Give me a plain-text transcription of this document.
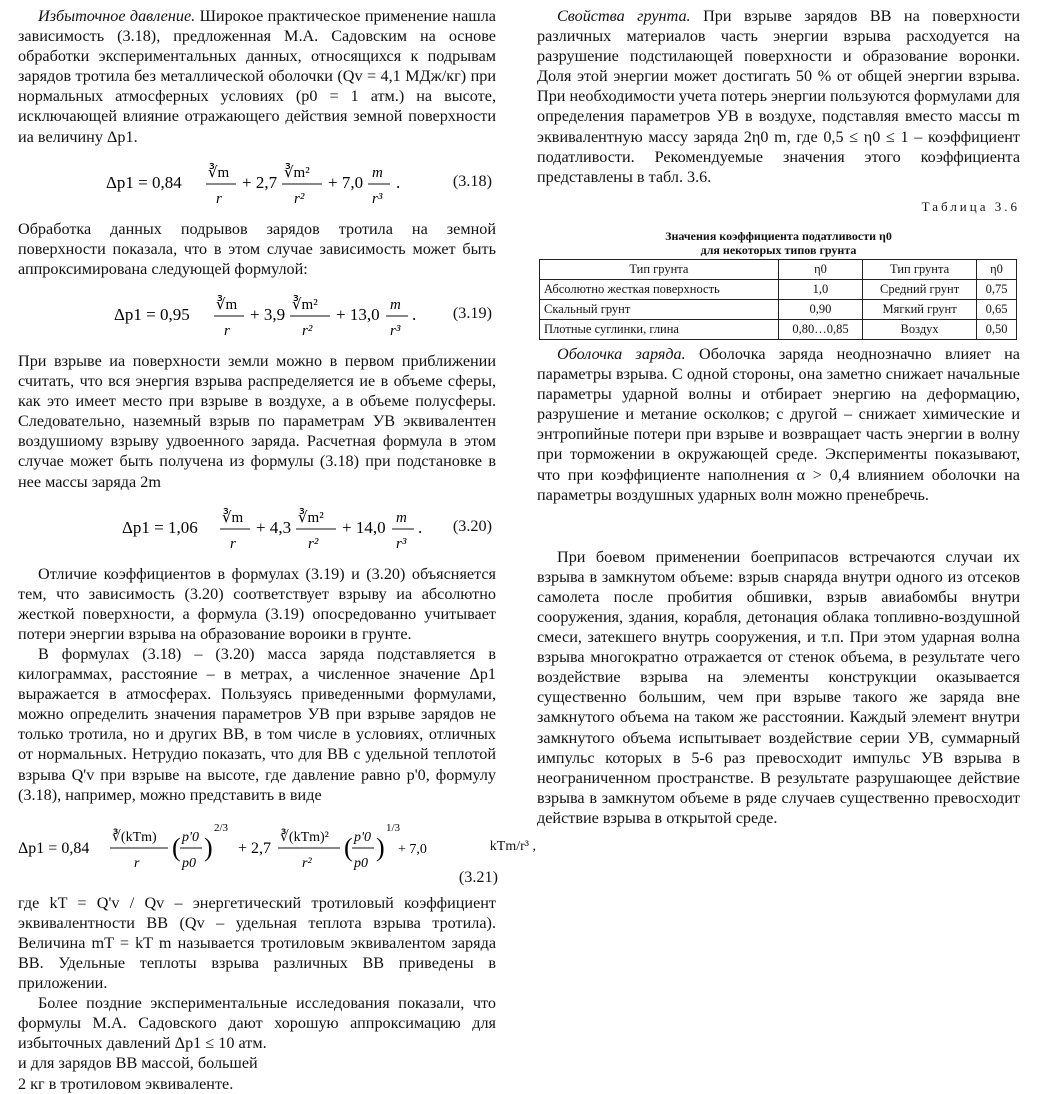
Избыточное давление. Широкое практическое применение нашла зависимость (3.18), предложенная М.А. Садовским на основе обработки экспериментальных данных, относящихся к подрывам зарядов тротила без металлической оболочки (Qv = 4,1 МДж/кг) при нормальных атмосферных условиях (p0 = 1 атм.) на высоте, исключающей влияние отражающего действия земной поверхности иа величину Δp1.

Δp1 = 0,84 ∛m
r
+ 2,7 ∛m²
r²
+ 7,0 m
r³
.	(3.18)

Обработка данных подрывов зарядов тротила на земной поверхности показала, что в этом случае зависимость может быть аппроксимирована следующей формулой:

Δp1 = 0,95 ∛m
r
+ 3,9 ∛m²
r²
+ 13,0 m
r³
. (3.19)

При взрыве иа поверхности земли можно в первом приближении считать, что вся энергия взрыва распределяется ие в объеме сферы, как это имеет место при взрыве в воздухе, а в объеме полусферы. Следовательно, наземный взрыв по параметрам УВ эквивалентен воздушиому взрыву удвоенного заряда. Расчетная формула в этом случае может быть получена из формулы (3.18) при подстановке в нее массы заряда 2m

Δp1 = 1,06 ∛m
r
+ 4,3 ∛m²
r²
+ 14,0 m
r³
. (3.20)

Отличие коэффициентов в формулах (3.19) и (3.20) объясняется тем, что зависимость (3.20) соответствует взрыву иа абсолютно жесткой поверхности, а формула (3.19) опосредованно учитывает потери энергии взрыва на образование вороики в грунте.

В формулах (3.18) – (3.20) масса заряда подставляется в килограммах, расстояние – в метрах, а численное значение Δp1 выражается в атмосферах. Пользуясь приведенными формулами, можно определить значения параметров УВ при взрыве зарядов не только тротила, но и других ВВ, в том числе в условиях, отличных от нормальных. Нетрудио показать, что для ВВ с удельной теплотой взрыва Q'v при взрыве на высоте, где давление равно p'0, формулу (3.18), например, можно представить в виде

Δp1 = 0,84
∛(kTm)
r
( p'0
p0
)
2/3
+ 2,7
∛(kTm)²
r²
( p'0
p0
)
1/3
+ 7,0	kTm/r³ ,
(3.21)

где kT = Q'v / Qv – энергетический тротиловый коэффициент эквивалентности ВВ (Qv – удельная теплота взрыва тротила). Величина mT = kT m называется тротиловым эквивалентом заряда ВВ. Удельные теплоты взрыва различных ВВ приведены в приложении.

Более поздние экспериментальные исследования показали, что формулы М.А. Садовского дают хорошую аппроксимацию для избыточных давлений Δp1 ≤ 10 атм.

и для зарядов ВВ массой, большей

2 кг в тротиловом эквиваленте.

Свойства грунта. При взрыве зарядов ВВ на поверхности различных материалов часть энергии взрыва расходуется на разрушение подстилающей поверхности и образование воронки. Доля этой энергии может достигать 50 % от общей энергии взрыва. При необходимости учета потерь энергии пользуются формулами для определения параметров УВ в воздухе, подставляя вместо массы m эквивалентную массу заряда 2η0 m, где 0,5 ≤ η0 ≤ 1 – коэффициент податливости. Рекомендуемые значения этого коэффициента представлены в табл. 3.6.

Таблица 3.6
Значения коэффициента податливости η0
для некоторых типов грунта
Тип грунта	η0	Тип грунта	η0
Абсолютно жесткая поверхность	1,0	Средний грунт	0,75
Скальный грунт	0,90	Мягкий грунт	0,65
Плотные суглинки, глина	0,80…0,85	Воздух	0,50

Оболочка заряда. Оболочка заряда неоднозначно влияет на параметры взрыва. С одной стороны, она заметно снижает начальные параметры ударной волны и отбирает энергию на деформацию, разрушение и метание осколков; с другой – снижает химические и энтропийные потери при взрыве и возвращает часть энергии в волну при торможении в окружающей среде. Эксперименты показывают, что при коэффициенте наполнения α > 0,4 влиянием оболочки на параметры воздушных ударных волн можно пренебречь.

При боевом применении боеприпасов встречаются случаи их взрыва в замкнутом объеме: взрыв снаряда внутри одного из отсеков самолета после пробития обшивки, взрыв авиабомбы внутри сооружения, здания, корабля, детонация облака топливно-воздушной смеси, затекшего внутрь сооружения, и т.п. При этом ударная волна взрыва многократно отражается от стенок объема, в результате чего воздействие взрыва на элементы конструкции оказывается существенно большим, чем при взрыве такого же заряда вне замкнутого объема на таком же расстоянии. Каждый элемент внутри замкнутого объема испытывает воздействие серии УВ, суммарный импульс которых в 5-6 раз превосходит импульс УВ взрыва в неограниченном пространстве. В результате разрушающее действие взрыва в замкнутом объеме в ряде случаев существенно превосходит действие взрыва в открытой среде.
